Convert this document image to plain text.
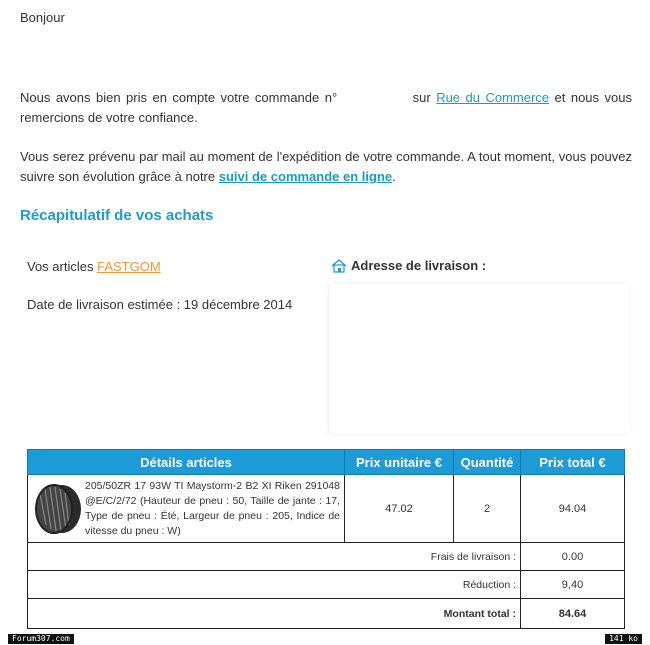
Bonjour
Nous avons bien pris en compte votre commande n°	sur Rue du Commerce et nous vous remercions de votre confiance.
Vous serez prévenu par mail au moment de l'expédition de votre commande. A tout moment, vous pouvez suivre son évolution grâce à notre suivi de commande en ligne.
Récapitulatif de vos achats
Vos articles FASTGOM
Date de livraison estimée : 19 décembre 2014
Adresse de livraison :
Détails articles	Prix unitaire €	Quantité	Prix total €

205/50ZR 17 93W TI Maystorm-2 B2 XI Riken 291048 @E/C/2/72 (Hauteur de pneu : 50, Taille de jante : 17, Type de pneu : Été, Largeur de pneu : 205, Indice de vitesse du pneu : W)	47.02	2	94.04
Frais de livraison :			0.00
Réduction :			9,40
Montant total :			84.64
Forum307.com	141 ko
